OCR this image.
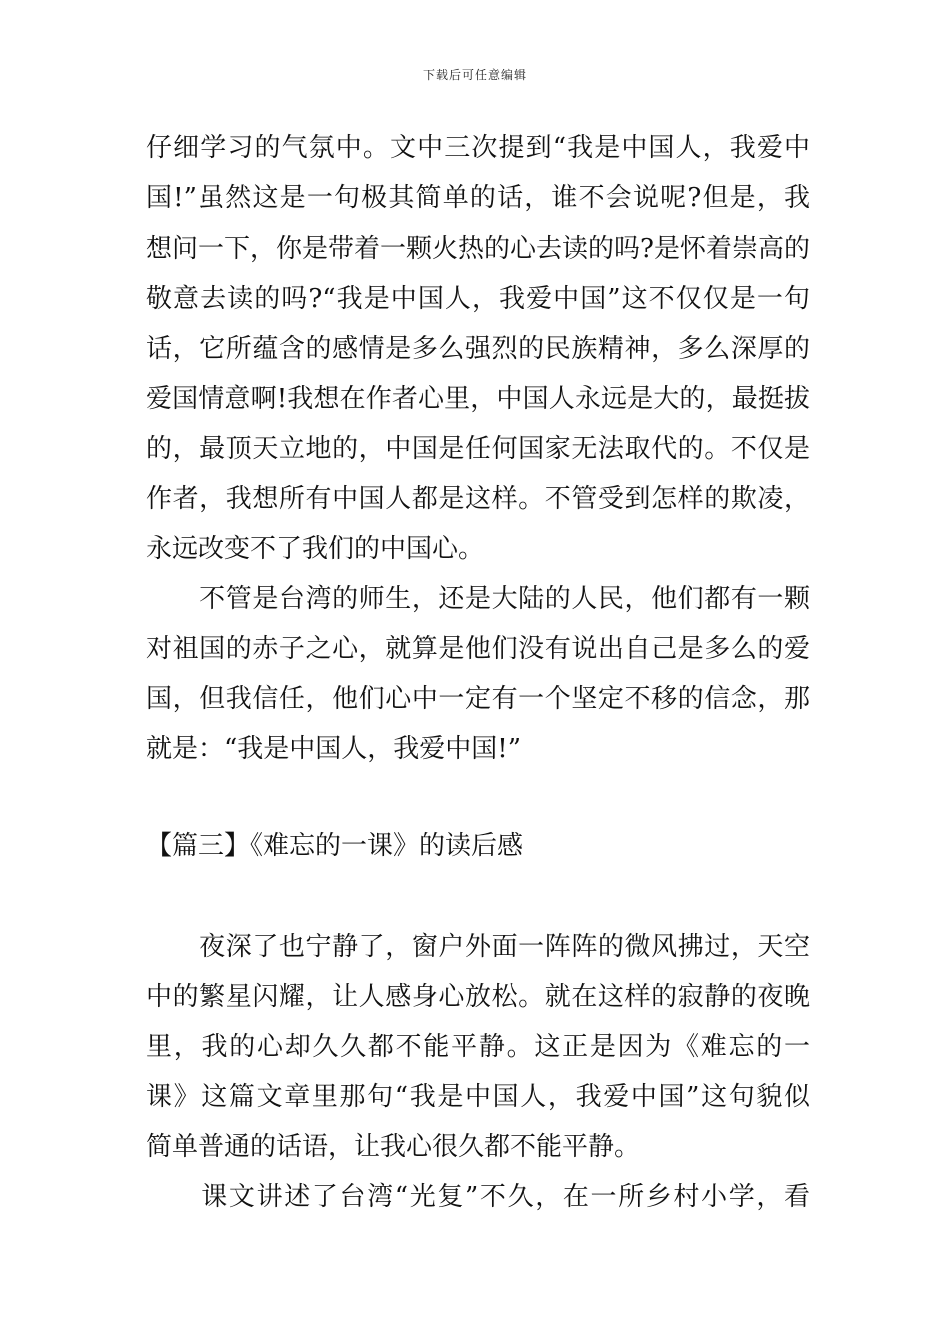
下载后可任意编辑
仔细学习的气氛中。文中三次提到“我是中国人，我爱中
国!”虽然这是一句极其简单的话，谁不会说呢?但是，我
想问一下，你是带着一颗火热的心去读的吗?是怀着崇高的
敬意去读的吗?“我是中国人，我爱中国”这不仅仅是一句
话，它所蕴含的感情是多么强烈的民族精神，多么深厚的
爱国情意啊!我想在作者心里，中国人永远是大的，最挺拔
的，最顶天立地的，中国是任何国家无法取代的。不仅是
作者，我想所有中国人都是这样。不管受到怎样的欺凌，
永远改变不了我们的中国心。
　　不管是台湾的师生，还是大陆的人民，他们都有一颗
对祖国的赤子之心，就算是他们没有说出自己是多么的爱
国，但我信任，他们心中一定有一个坚定不移的信念，那
就是：“我是中国人，我爱中国!”
【篇三】《难忘的一课》的读后感
　　夜深了也宁静了，窗户外面一阵阵的微风拂过，天空
中的繁星闪耀，让人感身心放松。就在这样的寂静的夜晚
里，我的心却久久都不能平静。这正是因为《难忘的一
课》这篇文章里那句“我是中国人，我爱中国”这句貌似
简单普通的话语，让我心很久都不能平静。
　　课文讲述了台湾“光复”不久，在一所乡村小学，看
